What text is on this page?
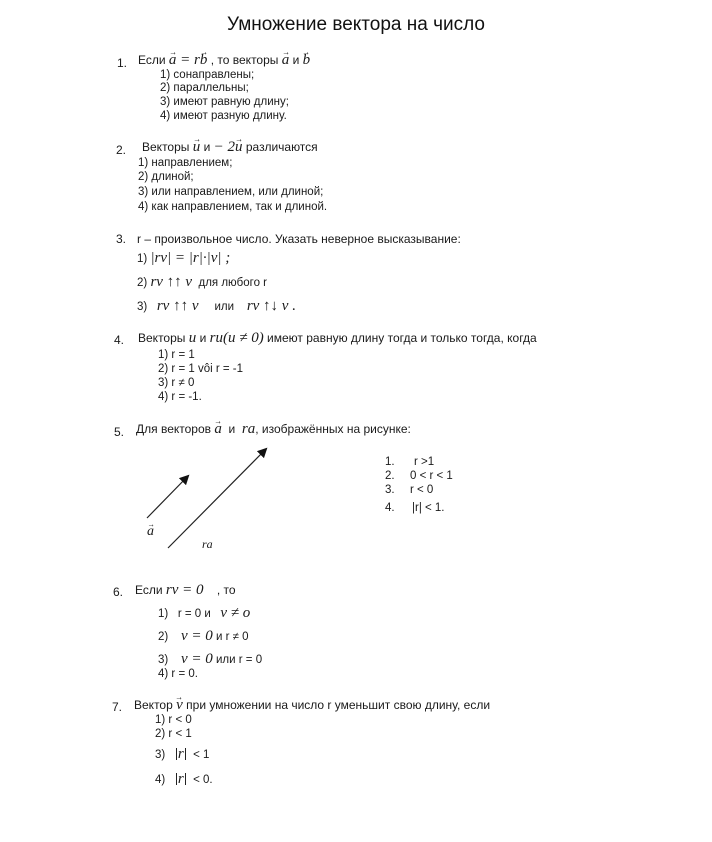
Умножение вектора на число
1. Если → a = r→ b , то векторы → a и → b
1) сонаправлены;
2) параллельны;
3) имеют равную длину;
4) имеют разную длину.
2. Векторы → u и − 2→ u различаются
1) направлением;
2) длиной;
3) или направлением, или длиной;
4) как направлением, так и длиной.
3. r – произвольное число. Указать неверное высказывание:
1) |rv| = |r|·|v| ;
2) rv ↑↑ v для любого r
3) rv ↑↑ v или rv ↑↓ v .
4. Векторы u и ru(u ≠ 0) имеют равную длину тогда и только тогда, когда
1) r = 1
2) r = 1 vôi r = -1
3) r ≠ 0
4) r = -1.
5. Для векторов → a и ra, изображённых на рисунке:
→ a
ra
1. r >1
2. 0 < r < 1
3. r < 0
4. |r| < 1.
6. Если rv = 0 , то
1) r = 0 и v ≠ o
2) v = 0 и r ≠ 0
3) v = 0 или r = 0
4) r = 0.
7. Вектор → v при умножении на число r уменьшит свою длину, если
1) r < 0
2) r < 1
3) r < 1
4) r < 0.
